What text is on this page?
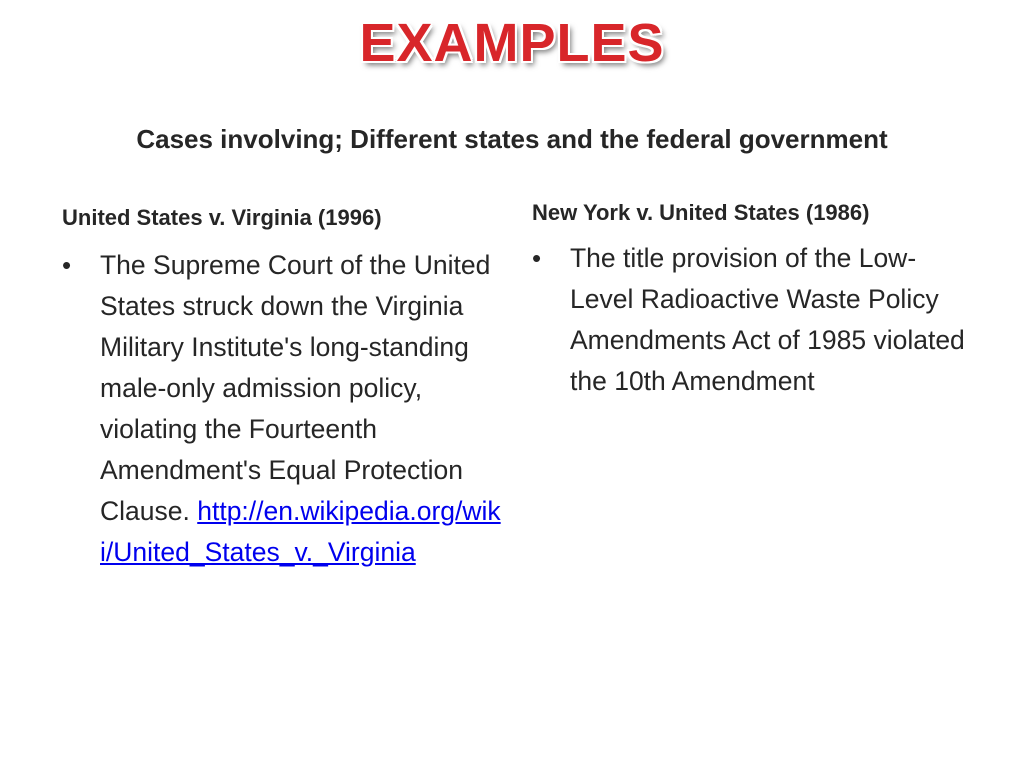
EXAMPLES
Cases involving; Different states and the federal government
United States v. Virginia (1996)
•	The Supreme Court of the United States struck down the Virginia Military Institute's long-standing male-only admission policy, violating the Fourteenth Amendment's Equal Protection Clause. http://en.wikipedia.org/wiki/United_States_v._Virginia
New York v. United States (1986)
•	The title provision of the Low-Level Radioactive Waste Policy Amendments Act of 1985 violated the 10th Amendment
